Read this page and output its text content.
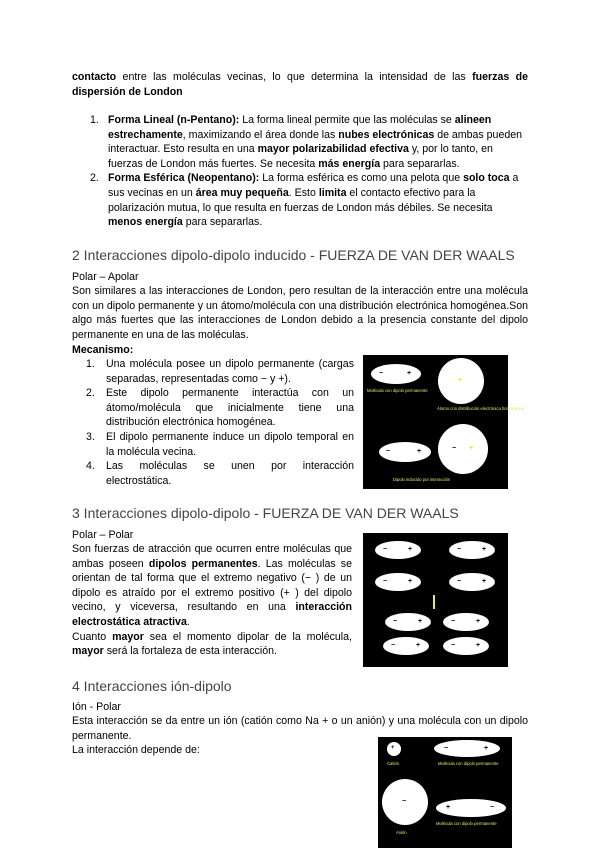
contacto entre las moléculas vecinas, lo que determina la intensidad de las fuerzas de dispersión de London

1. Forma Lineal (n-Pentano): La forma lineal permite que las moléculas se alineen estrechamente, maximizando el área donde las nubes electrónicas de ambas pueden interactuar. Esto resulta en una mayor polarizabilidad efectiva y, por lo tanto, en fuerzas de London más fuertes. Se necesita más energía para separarlas.
2. Forma Esférica (Neopentano): La forma esférica es como una pelota que solo toca a sus vecinas en un área muy pequeña. Esto limita el contacto efectivo para la polarización mutua, lo que resulta en fuerzas de London más débiles. Se necesita menos energía para separarlas.
2 Interacciones dipolo-dipolo inducido - FUERZA DE VAN DER WAALS

Polar – Apolar

Son similares a las interacciones de London, pero resultan de la interacción entre una molécula con un dipolo permanente y un átomo/molécula con una distribución electrónica homogénea.Son algo más fuertes que las interacciones de London debido a la presencia constante del dipolo permanente en una de las moléculas.

Mecanismo:

1. Una molécula posee un dipolo permanente (cargas separadas, representadas como − y +).
2. Este dipolo permanente interactúa con un átomo/molécula que inicialmente tiene una distribución electrónica homogénea.
3. El dipolo permanente induce un dipolo temporal en la molécula vecina.
4. Las moléculas se unen por interacción electrostática.
−	+
Molécula con dipolo permanente
+
Átomo con distribución electrónica homogénea
−	+	− +
Dipolo inducido por interacción
3 Interacciones dipolo-dipolo - FUERZA DE VAN DER WAALS

Polar – Polar

Son fuerzas de atracción que ocurren entre moléculas que ambas poseen dipolos permanentes. Las moléculas se orientan de tal forma que el extremo negativo (− ) de un dipolo es atraído por el extremo positivo (+ ) del dipolo vecino, y viceversa, resultando en una interacción electrostática atractiva.
Cuanto mayor sea el momento dipolar de la molécula, mayor será la fortaleza de esta interacción.

−	+	−	+
−	+	−	+
−	+	−	+
−	+	−	+
4 Interacciones ión-dipolo

Ión - Polar

Esta interacción se da entre un ión (catión como Na + o un anión) y una molécula con un dipolo permanente.

La interacción depende de:	+
Catión
−	+
Molécula con dipolo permanente
−
Anión
+	−
Molécula con dipolo permanente
